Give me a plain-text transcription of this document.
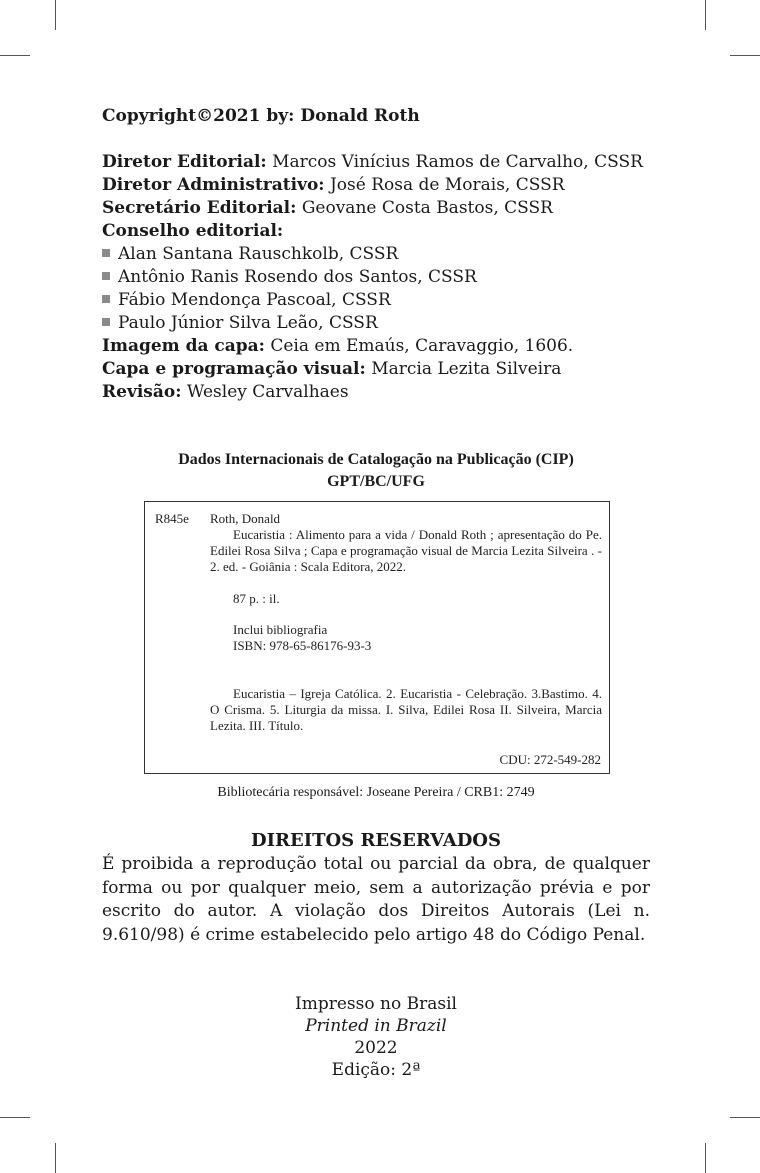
Copyright©2021 by: Donald Roth
Diretor Editorial: Marcos Vinícius Ramos de Carvalho, CSSR
Diretor Administrativo: José Rosa de Morais, CSSR
Secretário Editorial: Geovane Costa Bastos, CSSR
Conselho editorial:
Alan Santana Rauschkolb, CSSR
Antônio Ranis Rosendo dos Santos, CSSR
Fábio Mendonça Pascoal, CSSR
Paulo Júnior Silva Leão, CSSR
Imagem da capa: Ceia em Emaús, Caravaggio, 1606.
Capa e programação visual: Marcia Lezita Silveira
Revisão: Wesley Carvalhaes
Dados Internacionais de Catalogação na Publicação (CIP)
GPT/BC/UFG
R845e Roth, Donald
Eucaristia : Alimento para a vida / Donald Roth ; apresentação do Pe. Edilei Rosa Silva ; Capa e programação visual de Marcia Lezita Silveira . - 2. ed. - Goiânia : Scala Editora, 2022.
87 p. : il.
Inclui bibliografia
ISBN: 978-65-86176-93-3
Eucaristia – Igreja Católica. 2. Eucaristia - Celebração. 3.Bastimo. 4. O Crisma. 5. Liturgia da missa. I. Silva, Edilei Rosa II. Silveira, Marcia Lezita. III. Título.
CDU: 272-549-282
Bibliotecária responsável: Joseane Pereira / CRB1: 2749
DIREITOS RESERVADOS
É proibida a reprodução total ou parcial da obra, de qualquer forma ou por qualquer meio, sem a autorização prévia e por escrito do autor. A violação dos Direitos Autorais (Lei n. 9.610/98) é crime estabelecido pelo artigo 48 do Código Penal.
Impresso no Brasil
Printed in Brazil
2022
Edição: 2ª
